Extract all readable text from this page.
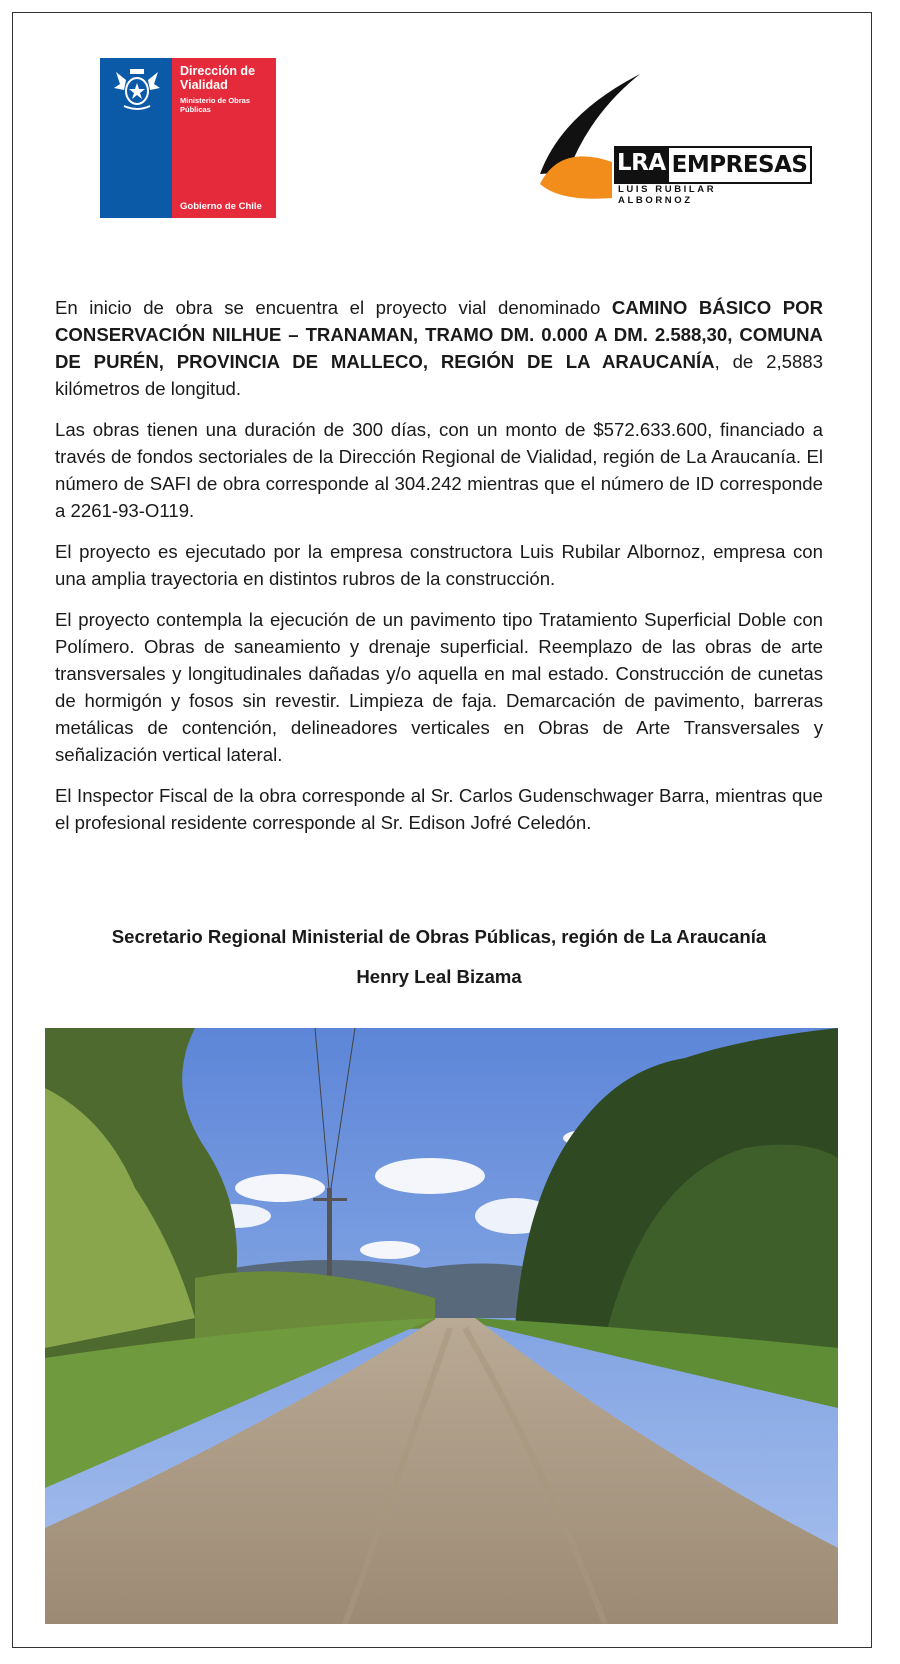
Dirección de
Vialidad
Ministerio de Obras
Públicas
Gobierno de Chile
LRA EMPRESAS
LUIS RUBILAR ALBORNOZ

En inicio de obra se encuentra el proyecto vial denominado CAMINO BÁSICO POR CONSERVACIÓN NILHUE – TRANAMAN, TRAMO DM. 0.000 A DM. 2.588,30, COMUNA DE PURÉN, PROVINCIA DE MALLECO, REGIÓN DE LA ARAUCANÍA, de 2,5883 kilómetros de longitud.

Las obras tienen una duración de 300 días, con un monto de $572.633.600, financiado a través de fondos sectoriales de la Dirección Regional de Vialidad, región de La Araucanía. El número de SAFI de obra corresponde al 304.242 mientras que el número de ID corresponde a 2261-93-O119.

El proyecto es ejecutado por la empresa constructora Luis Rubilar Albornoz, empresa con una amplia trayectoria en distintos rubros de la construcción.

El proyecto contempla la ejecución de un pavimento tipo Tratamiento Superficial Doble con Polímero. Obras de saneamiento y drenaje superficial. Reemplazo de las obras de arte transversales y longitudinales dañadas y/o aquella en mal estado. Construcción de cunetas de hormigón y fosos sin revestir. Limpieza de faja. Demarcación de pavimento, barreras metálicas de contención, delineadores verticales en Obras de Arte Transversales y señalización vertical lateral.

El Inspector Fiscal de la obra corresponde al Sr. Carlos Gudenschwager Barra, mientras que el profesional residente corresponde al Sr. Edison Jofré Celedón.

Secretario Regional Ministerial de Obras Públicas, región de La Araucanía
Henry Leal Bizama
